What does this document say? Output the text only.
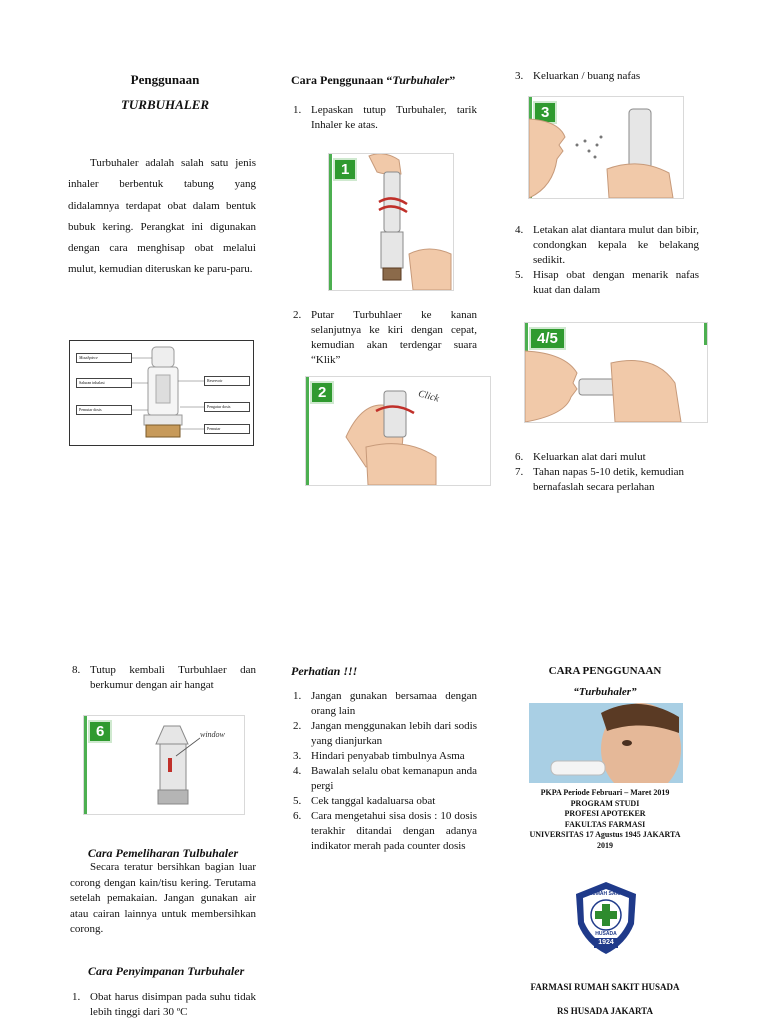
Penggunaan
TURBUHALER
Turbuhaler adalah salah satu jenis inhaler berbentuk tabung yang didalamnya terdapat obat dalam bentuk bubuk kering. Perangkat ini digunakan dengan cara menghisap obat melalui mulut, kemudian diteruskan ke paru-paru.
Mouthpiece
Saluran inhalasi	Reservoir
Pemutar dosis
Pengatur dosis
Pemutar
Cara Penggunaan “Turbuhaler”
1. Lepaskan tutup Turbuhaler, tarik Inhaler ke atas.
1
2. Putar Turbuhlaer ke kanan selanjutnya ke kiri dengan cepat, kemudian akan terdengar suara “Klik”
2	Click
3. Keluarkan / buang nafas
3
4. Letakan alat diantara mulut dan bibir, condongkan kepala ke belakang sedikit.
5. Hisap obat dengan menarik nafas kuat dan dalam
4/5
6. Keluarkan alat dari mulut
7. Tahan napas 5-10 detik, kemudian bernafaslah secara perlahan
8. Tutup kembali Turbuhlaer dan berkumur dengan air hangat
6	window
Cara Pemeliharan Tulbuhaler
Secara teratur bersihkan bagian luar corong dengan kain/tisu kering. Terutama setelah pemakaian. Jangan gunakan air atau cairan lainnya untuk membersihkan corong.
Cara Penyimpanan Turbuhaler
1. Obat harus disimpan pada suhu tidak lebih tinggi dari 30 ºC
Perhatian !!!
1. Jangan gunakan bersamaa dengan orang lain
2. Jangan menggunakan lebih dari sodis yang dianjurkan
3. Hindari penyabab timbulnya Asma
4. Bawalah selalu obat kemanapun anda pergi
5. Cek tanggal kadaluarsa obat
6. Cara mengetahui sisa dosis : 10 dosis terakhir ditandai dengan adanya indikator merah pada counter dosis
CARA PENGGUNAAN
“Turbuhaler”
PKPA Periode Februari – Maret 2019
PROGRAM STUDI
PROFESI APOTEKER
FAKULTAS FARMASI
UNIVERSITAS 17 Agustus 1945 JAKARTA
2019
RUMAH SAKIT
HUSADA
1924
FARMASI RUMAH SAKIT HUSADA
RS HUSADA JAKARTA
